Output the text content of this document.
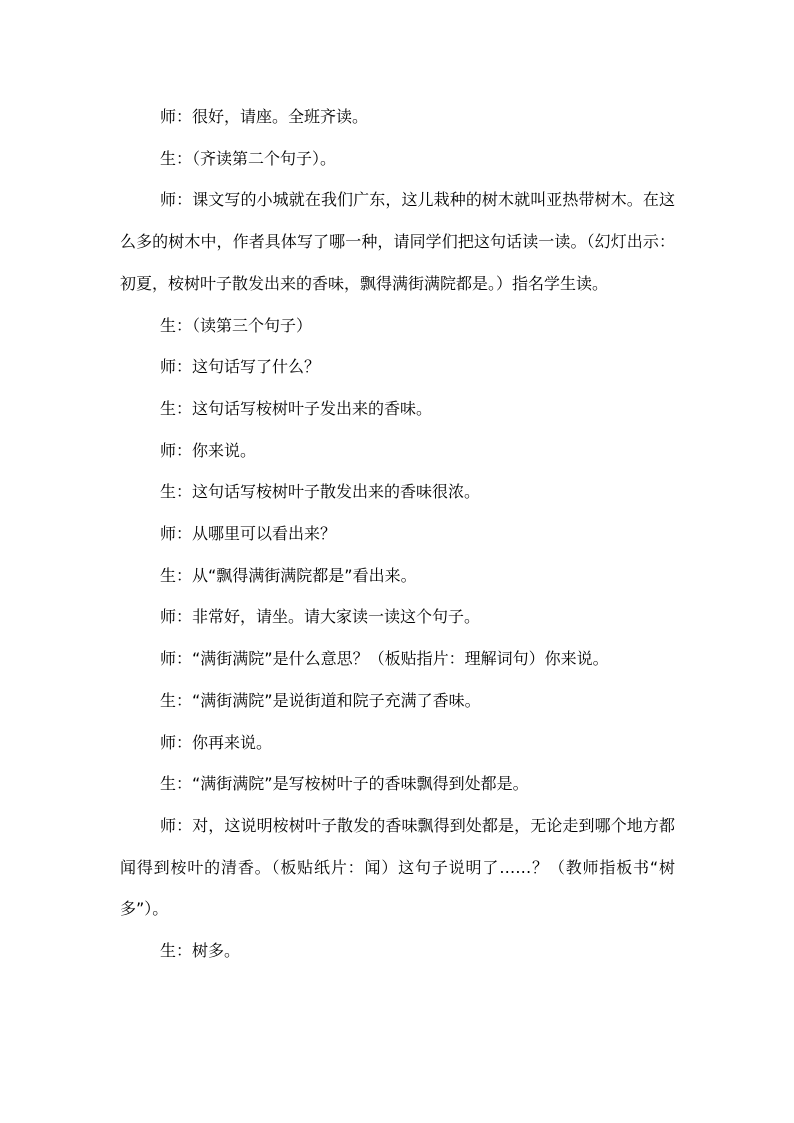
师：很好，请座。全班齐读。

生：（齐读第二个句子）。

师：课文写的小城就在我们广东，这儿栽种的树木就叫亚热带树木。在这么多的树木中，作者具体写了哪一种，请同学们把这句话读一读。（幻灯出示：初夏，桉树叶子散发出来的香味，飘得满街满院都是。）指名学生读。

生：（读第三个句子）

师：这句话写了什么？

生：这句话写桉树叶子发出来的香味。

师：你来说。

生：这句话写桉树叶子散发出来的香味很浓。

师：从哪里可以看出来？

生：从“飘得满街满院都是”看出来。

师：非常好，请坐。请大家读一读这个句子。

师：“满街满院”是什么意思？（板贴指片：理解词句）你来说。

生：“满街满院”是说街道和院子充满了香味。

师：你再来说。

生：“满街满院”是写桉树叶子的香味飘得到处都是。

师：对，这说明桉树叶子散发的香味飘得到处都是，无论走到哪个地方都闻得到桉叶的清香。（板贴纸片：闻）这句子说明了……？（教师指板书“树多”）。

生：树多。
